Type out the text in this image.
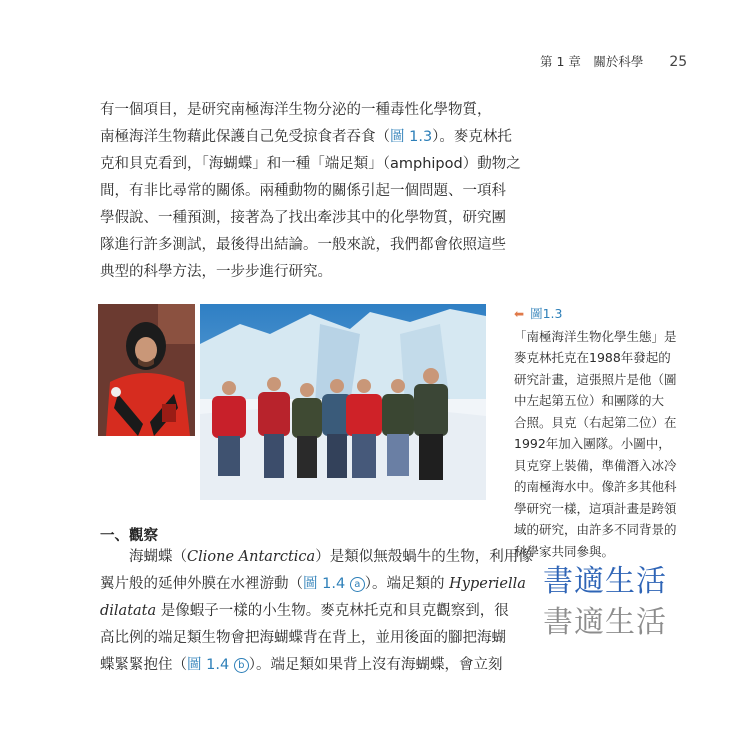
第 1 章　關於科學 25

有一個項目，是研究南極海洋生物分泌的一種毒性化學物質，

南極海洋生物藉此保護自己免受掠食者吞食（圖 1.3）。麥克林托

克和貝克看到，「海蝴蝶」和一種「端足類」（amphipod）動物之

間，有非比尋常的關係。兩種動物的關係引起一個問題、一項科

學假說、一種預測，接著為了找出牽涉其中的化學物質，研究團

隊進行許多測試，最後得出結論。一般來說，我們都會依照這些

典型的科學方法，一步步進行研究。

⬅ 圖1.3

「南極海洋生物化學生態」是

麥克林托克在1988年發起的

研究計畫，這張照片是他（圖

中左起第五位）和團隊的大

合照。貝克（右起第二位）在

1992年加入團隊。小圖中，

貝克穿上裝備，準備潛入冰冷

的南極海水中。像許多其他科

學研究一樣，這項計畫是跨領

域的研究，由許多不同背景的

科學家共同參與。

一、觀察

　　海蝴蝶（Clione Antarctica）是類似無殼蝸牛的生物，利用像

翼片般的延伸外膜在水裡游動（圖 1.4 a ）。端足類的 Hyperiella

dilatata 是像蝦子一樣的小生物。麥克林托克和貝克觀察到，很

高比例的端足類生物會把海蝴蝶背在背上，並用後面的腳把海蝴

蝶緊緊抱住（圖 1.4 b ）。端足類如果背上沒有海蝴蝶，會立刻

書適生活
書適生活
